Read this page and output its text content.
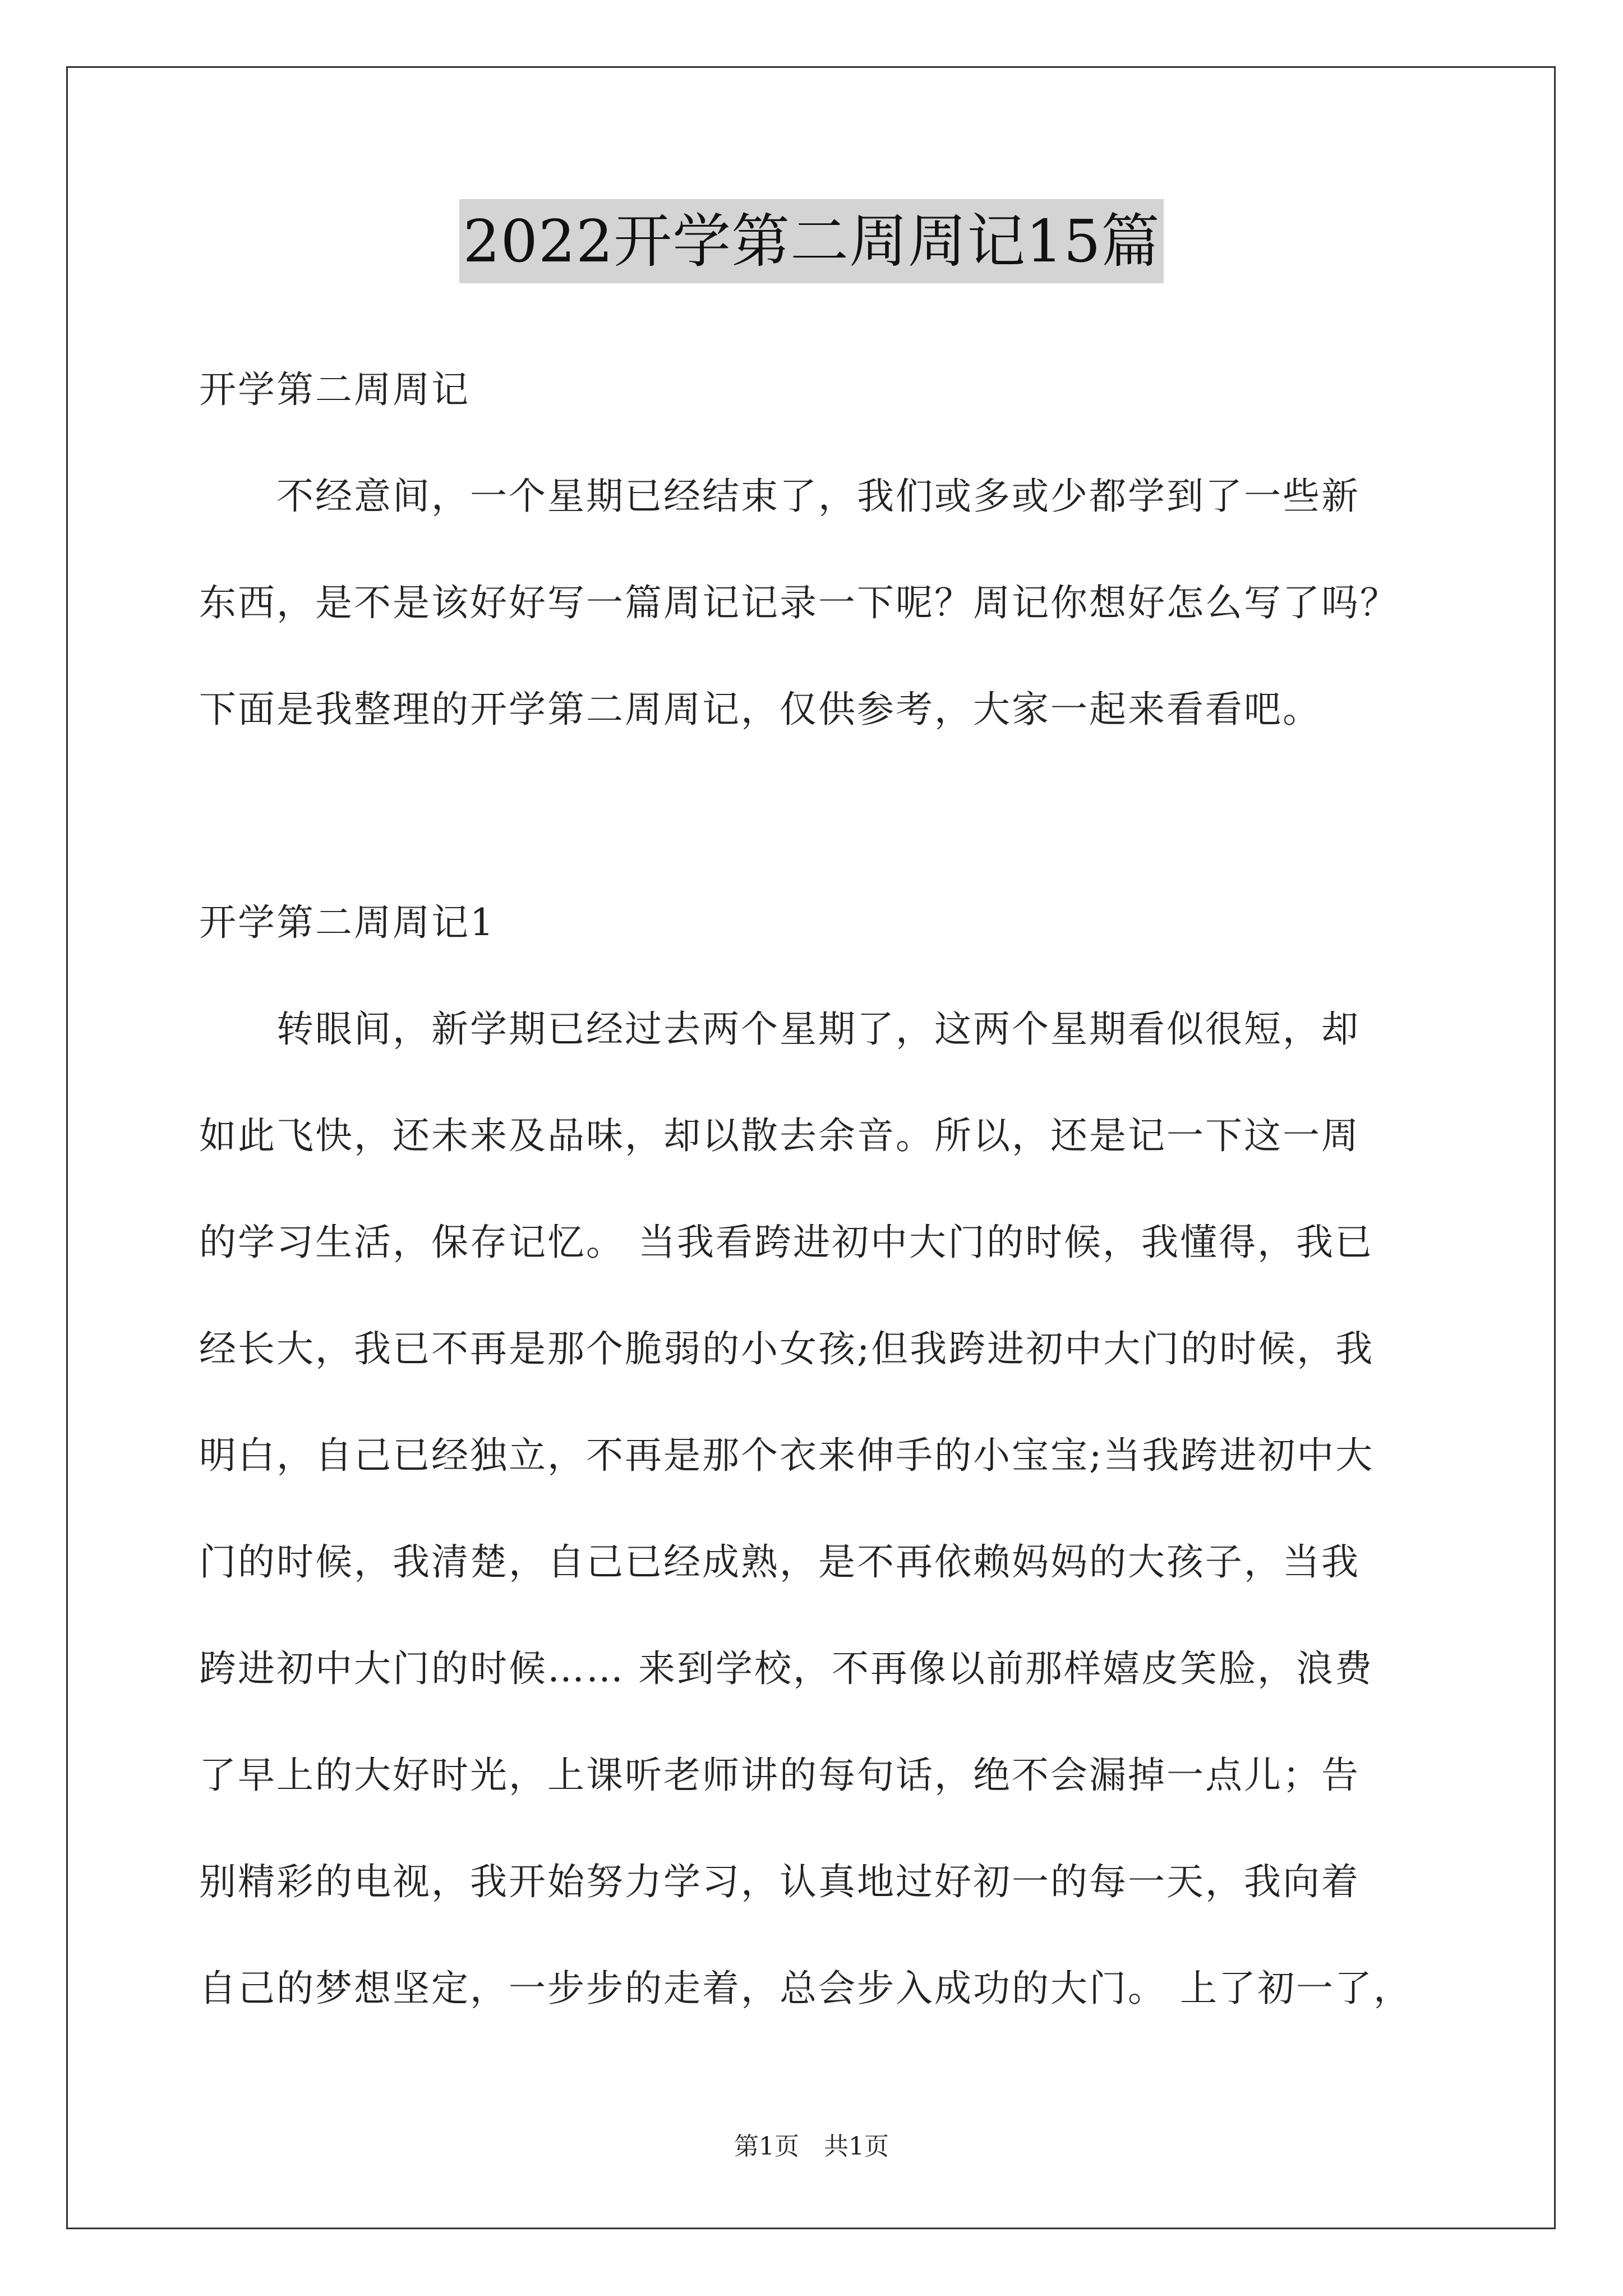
2022开学第二周周记15篇
开学第二周周记
不经意间，一个星期已经结束了，我们或多或少都学到了一些新
东西，是不是该好好写一篇周记记录一下呢？周记你想好怎么写了吗？
下面是我整理的开学第二周周记，仅供参考，大家一起来看看吧。
开学第二周周记1
转眼间，新学期已经过去两个星期了，这两个星期看似很短，却
如此飞快，还未来及品味，却以散去余音。所以，还是记一下这一周
的学习生活，保存记忆。 当我看跨进初中大门的时候，我懂得，我已
经长大，我已不再是那个脆弱的小女孩;但我跨进初中大门的时候，我
明白，自己已经独立，不再是那个衣来伸手的小宝宝;当我跨进初中大
门的时候，我清楚，自己已经成熟，是不再依赖妈妈的大孩子，当我
跨进初中大门的时候…… 来到学校，不再像以前那样嬉皮笑脸，浪费
了早上的大好时光，上课听老师讲的每句话，绝不会漏掉一点儿；告
别精彩的电视，我开始努力学习，认真地过好初一的每一天，我向着
自己的梦想坚定，一步步的走着，总会步入成功的大门。 上了初一了，
第1页　共1页
